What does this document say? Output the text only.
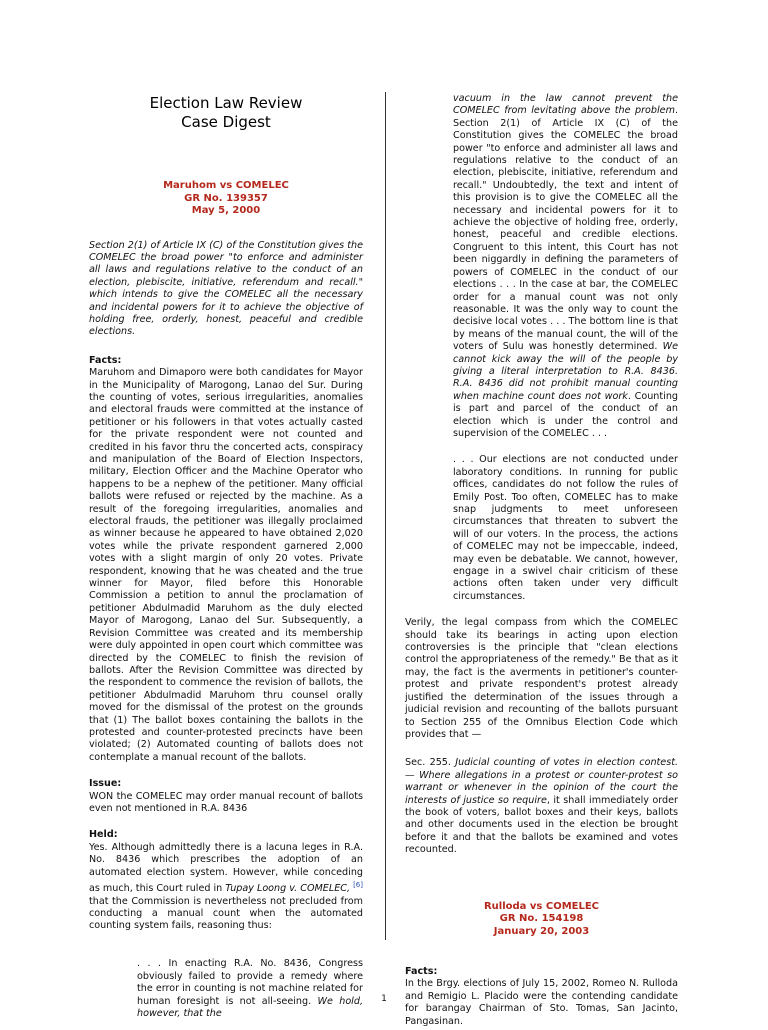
Election Law Review
Case Digest
Maruhom vs COMELEC
GR No. 139357
May 5, 2000

Section 2(1) of Article IX (C) of the Constitution gives the COMELEC the broad power "to enforce and administer all laws and regulations relative to the conduct of an election, plebiscite, initiative, referendum and recall." which intends to give the COMELEC all the necessary and incidental powers for it to achieve the objective of holding free, orderly, honest, peaceful and credible elections.

Facts:

Maruhom and Dimaporo were both candidates for Mayor in the Municipality of Marogong, Lanao del Sur. During the counting of votes, serious irregularities, anomalies and electoral frauds were committed at the instance of petitioner or his followers in that votes actually casted for the private respondent were not counted and credited in his favor thru the concerted acts, conspiracy and manipulation of the Board of Election Inspectors, military, Election Officer and the Machine Operator who happens to be a nephew of the petitioner. Many official ballots were refused or rejected by the machine. As a result of the foregoing irregularities, anomalies and electoral frauds, the petitioner was illegally proclaimed as winner because he appeared to have obtained 2,020 votes while the private respondent garnered 2,000 votes with a slight margin of only 20 votes. Private respondent, knowing that he was cheated and the true winner for Mayor, filed before this Honorable Commission a petition to annul the proclamation of petitioner Abdulmadid Maruhom as the duly elected Mayor of Marogong, Lanao del Sur. Subsequently, a Revision Committee was created and its membership were duly appointed in open court which committee was directed by the COMELEC to finish the revision of ballots. After the Revision Committee was directed by the respondent to commence the revision of ballots, the petitioner Abdulmadid Maruhom thru counsel orally moved for the dismissal of the protest on the grounds that (1) The ballot boxes containing the ballots in the protested and counter-protested precincts have been violated; (2) Automated counting of ballots does not contemplate a manual recount of the ballots.

Issue:

WON the COMELEC may order manual recount of ballots even not mentioned in R.A. 8436

Held:

Yes. Although admittedly there is a lacuna leges in R.A. No. 8436 which prescribes the adoption of an automated election system. However, while conceding as much, this Court ruled in Tupay Loong v. COMELEC, [6] that the Commission is nevertheless not precluded from conducting a manual count when the automated counting system fails, reasoning thus:

. . . In enacting R.A. No. 8436, Congress obviously failed to provide a remedy where the error in counting is not machine related for human foresight is not all-seeing. We hold, however, that the

vacuum in the law cannot prevent the COMELEC from levitating above the problem. Section 2(1) of Article IX (C) of the Constitution gives the COMELEC the broad power "to enforce and administer all laws and regulations relative to the conduct of an election, plebiscite, initiative, referendum and recall." Undoubtedly, the text and intent of this provision is to give the COMELEC all the necessary and incidental powers for it to achieve the objective of holding free, orderly, honest, peaceful and credible elections. Congruent to this intent, this Court has not been niggardly in defining the parameters of powers of COMELEC in the conduct of our elections . . . In the case at bar, the COMELEC order for a manual count was not only reasonable. It was the only way to count the decisive local votes . . . The bottom line is that by means of the manual count, the will of the voters of Sulu was honestly determined. We cannot kick away the will of the people by giving a literal interpretation to R.A. 8436. R.A. 8436 did not prohibit manual counting when machine count does not work. Counting is part and parcel of the conduct of an election which is under the control and supervision of the COMELEC . . .

. . . Our elections are not conducted under laboratory conditions. In running for public offices, candidates do not follow the rules of Emily Post. Too often, COMELEC has to make snap judgments to meet unforeseen circumstances that threaten to subvert the will of our voters. In the process, the actions of COMELEC may not be impeccable, indeed, may even be debatable. We cannot, however, engage in a swivel chair criticism of these actions often taken under very difficult circumstances.

Verily, the legal compass from which the COMELEC should take its bearings in acting upon election controversies is the principle that "clean elections control the appropriateness of the remedy." Be that as it may, the fact is the averments in petitioner's counter-protest and private respondent's protest already justified the determination of the issues through a judicial revision and recounting of the ballots pursuant to Section 255 of the Omnibus Election Code which provides that —

Sec. 255. Judicial counting of votes in election contest. — Where allegations in a protest or counter-protest so warrant or whenever in the opinion of the court the interests of justice so require, it shall immediately order the book of voters, ballot boxes and their keys, ballots and other documents used in the election be brought before it and that the ballots be examined and votes recounted.

Rulloda vs COMELEC
GR No. 154198
January 20, 2003

Facts:

In the Brgy. elections of July 15, 2002, Romeo N. Rulloda and Remigio L. Placido were the contending candidate for barangay Chairman of Sto. Tomas, San Jacinto, Pangasinan.

1
